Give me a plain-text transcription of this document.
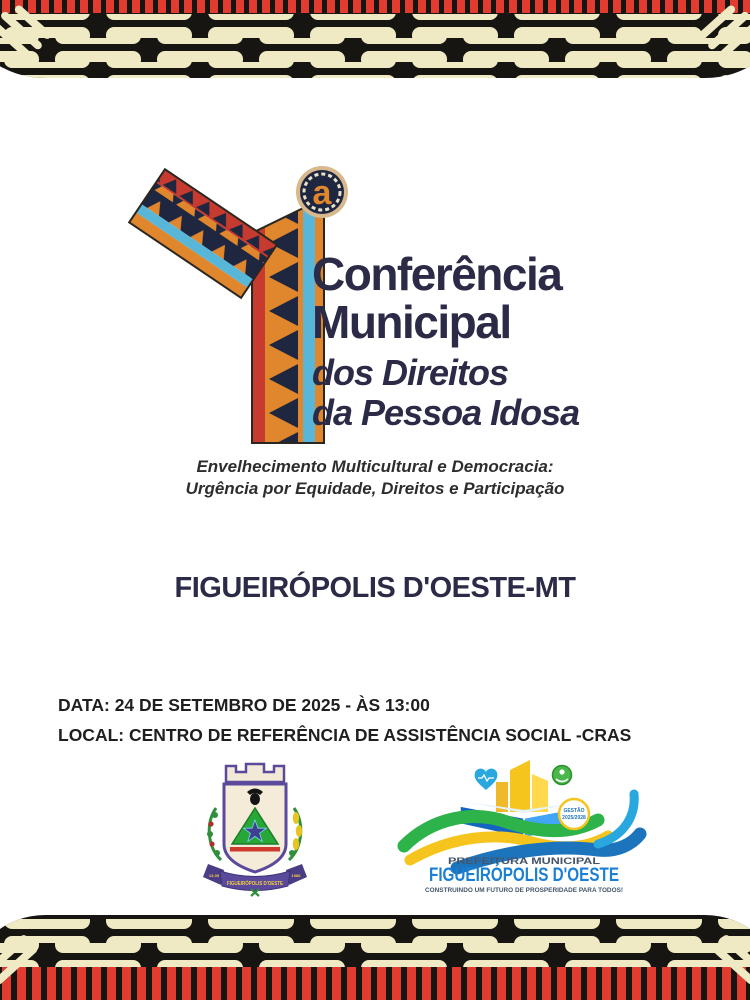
a
Conferência
Municipal
dos Direitos
da Pessoa Idosa
Envelhecimento Multicultural e Democracia:
Urgência por Equidade, Direitos e Participação
FIGUEIRÓPOLIS D'OESTE-MT
DATA: 24 DE SETEMBRO DE 2025 - ÀS 13:00
LOCAL: CENTRO DE REFERÊNCIA DE ASSISTÊNCIA SOCIAL -CRAS
13-05	1986
FIGUEIRÓPOLIS D'OESTE
GESTÃO
2025/2028
PREFEITURA MUNICIPAL
FIGUEIRÓPOLIS D'OESTE
CONSTRUINDO UM FUTURO DE PROSPERIDADE PARA TODOS!
